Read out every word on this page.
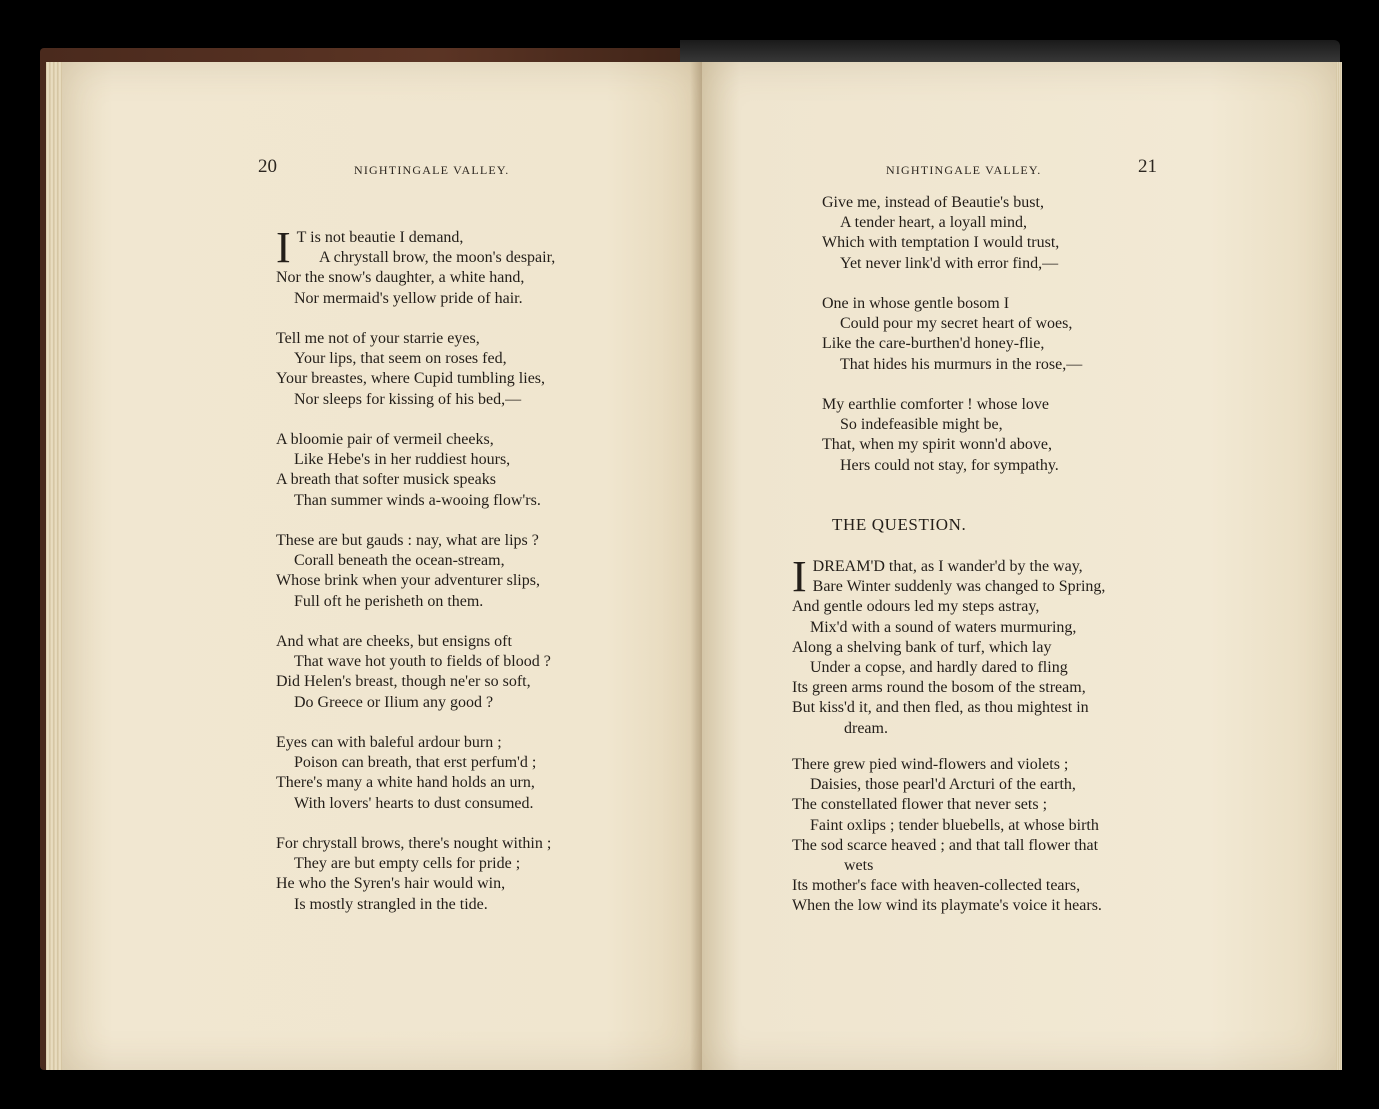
20	NIGHTINGALE VALLEY.
I T is not beautie I demand,
A chrystall brow, the moon's despair,
Nor the snow's daughter, a white hand,
Nor mermaid's yellow pride of hair.
Tell me not of your starrie eyes,
Your lips, that seem on roses fed,
Your breastes, where Cupid tumbling lies,
Nor sleeps for kissing of his bed,—
A bloomie pair of vermeil cheeks,
Like Hebe's in her ruddiest hours,
A breath that softer musick speaks
Than summer winds a-wooing flow'rs.
These are but gauds : nay, what are lips ?
Corall beneath the ocean-stream,
Whose brink when your adventurer slips,
Full oft he perisheth on them.
And what are cheeks, but ensigns oft
That wave hot youth to fields of blood ?
Did Helen's breast, though ne'er so soft,
Do Greece or Ilium any good ?
Eyes can with baleful ardour burn ;
Poison can breath, that erst perfum'd ;
There's many a white hand holds an urn,
With lovers' hearts to dust consumed.
For chrystall brows, there's nought within ;
They are but empty cells for pride ;
He who the Syren's hair would win,
Is mostly strangled in the tide.
NIGHTINGALE VALLEY.	21
Give me, instead of Beautie's bust,
A tender heart, a loyall mind,
Which with temptation I would trust,
Yet never link'd with error find,—
One in whose gentle bosom I
Could pour my secret heart of woes,
Like the care-burthen'd honey-flie,
That hides his murmurs in the rose,—
My earthlie comforter ! whose love
So indefeasible might be,
That, when my spirit wonn'd above,
Hers could not stay, for sympathy.
THE QUESTION.
I DREAM'D that, as I wander'd by the way,
Bare Winter suddenly was changed to Spring,
And gentle odours led my steps astray,
Mix'd with a sound of waters murmuring,
Along a shelving bank of turf, which lay
Under a copse, and hardly dared to fling
Its green arms round the bosom of the stream,
But kiss'd it, and then fled, as thou mightest in
dream.
There grew pied wind-flowers and violets ;
Daisies, those pearl'd Arcturi of the earth,
The constellated flower that never sets ;
Faint oxlips ; tender bluebells, at whose birth
The sod scarce heaved ; and that tall flower that
wets
Its mother's face with heaven-collected tears,
When the low wind its playmate's voice it hears.
